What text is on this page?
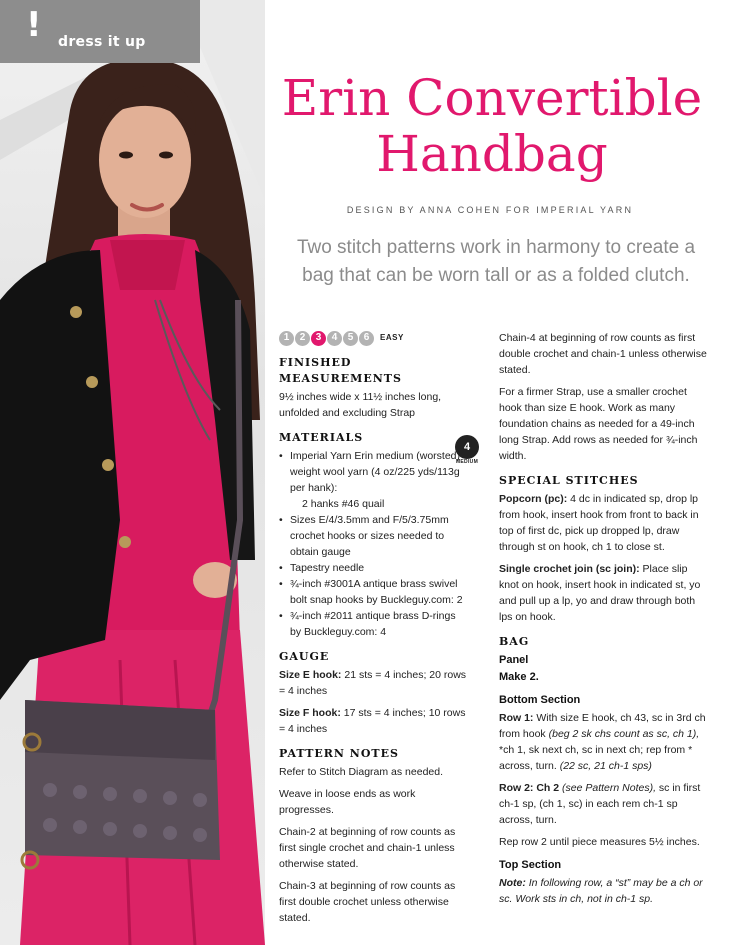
! dress it up
Erin Convertible Handbag
DESIGN BY ANNA COHEN FOR IMPERIAL YARN
Two stitch patterns work in harmony to create a bag that can be worn tall or as a folded clutch.
4
MEDIUM
1	2	3	4	5	6	EASY
FINISHED MEASUREMENTS

9½ inches wide x 11½ inches long, unfolded and excluding Strap

MATERIALS
• Imperial Yarn Erin medium (worsted) weight wool yarn (4 oz/225 yds/113g per hank):
2 hanks #46 quail
• Sizes E/4/3.5mm and F/5/3.75mm crochet hooks or sizes needed to obtain gauge
• Tapestry needle
• ¾-inch #3001A antique brass swivel bolt snap hooks by Buckleguy.com: 2
• ¾-inch #2011 antique brass D-rings by Buckleguy.com: 4
GAUGE

Size E hook: 21 sts = 4 inches; 20 rows = 4 inches

Size F hook: 17 sts = 4 inches; 10 rows = 4 inches

PATTERN NOTES

Refer to Stitch Diagram as needed.

Weave in loose ends as work progresses.

Chain-2 at beginning of row counts as first single crochet and chain-1 unless otherwise stated.

Chain-3 at beginning of row counts as first double crochet unless otherwise stated.

Chain-4 at beginning of row counts as first double crochet and chain-1 unless otherwise stated.

For a firmer Strap, use a smaller crochet hook than size E hook. Work as many foundation chains as needed for a 49-inch long Strap. Add rows as needed for ¾-inch width.

SPECIAL STITCHES

Popcorn (pc): 4 dc in indicated sp, drop lp from hook, insert hook from front to back in top of first dc, pick up dropped lp, draw through st on hook, ch 1 to close st.

Single crochet join (sc join): Place slip knot on hook, insert hook in indicated st, yo and pull up a lp, yo and draw through both lps on hook.

BAG
Panel
Make 2.
Bottom Section

Row 1: With size E hook, ch 43, sc in 3rd ch from hook (beg 2 sk chs count as sc, ch 1), *ch 1, sk next ch, sc in next ch; rep from * across, turn. (22 sc, 21 ch-1 sps)

Row 2: Ch 2 (see Pattern Notes), sc in first ch-1 sp, (ch 1, sc) in each rem ch-1 sp across, turn.

Rep row 2 until piece measures 5½ inches.

Top Section

Note: In following row, a “st” may be a ch or sc. Work sts in ch, not in ch-1 sp.
